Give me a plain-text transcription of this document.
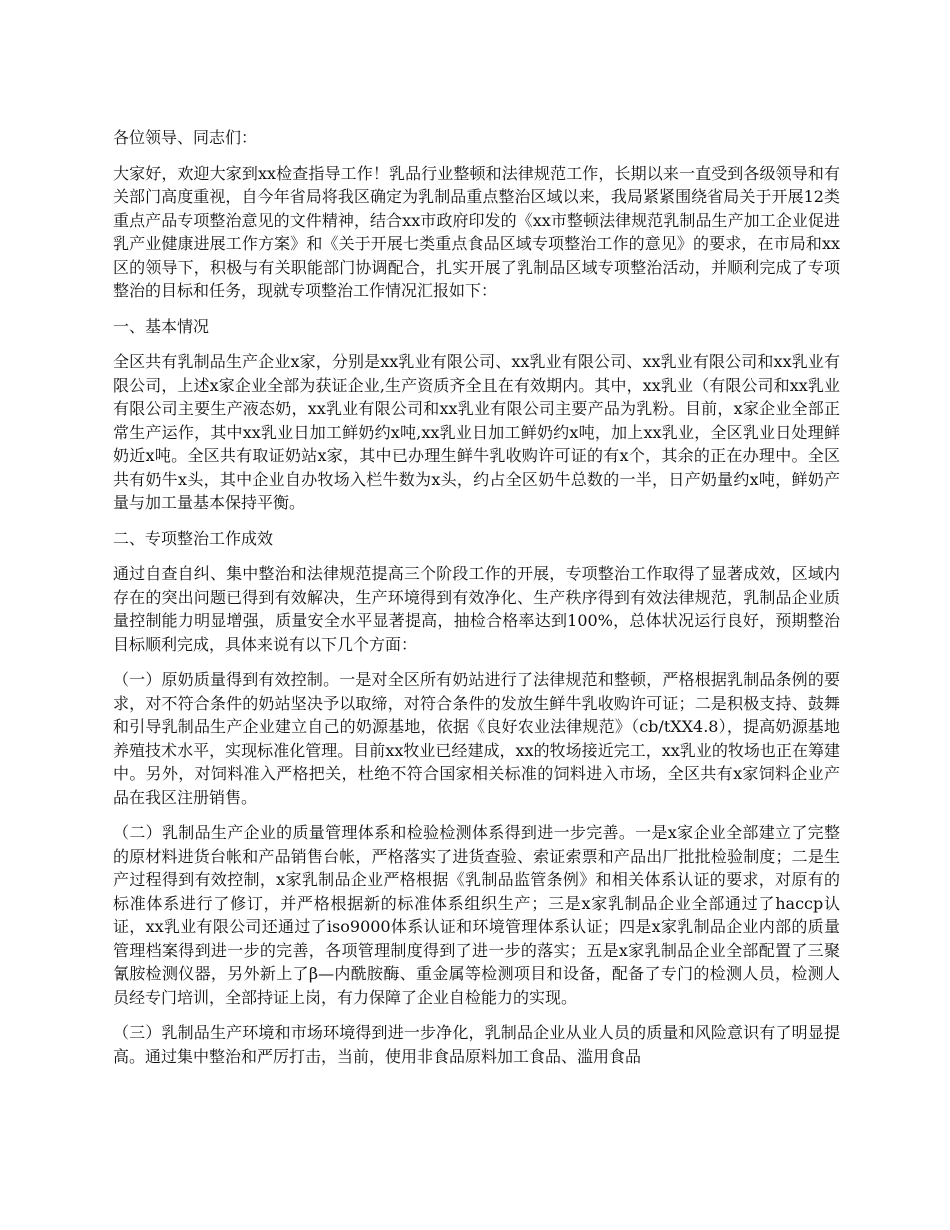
各位领导、同志们：

大家好，欢迎大家到xx检查指导工作！乳品行业整顿和法律规范工作，长期以来一直受到各级领导和有关部门高度重视，自今年省局将我区确定为乳制品重点整治区域以来，我局紧紧围绕省局关于开展12类重点产品专项整治意见的文件精神，结合xx市政府印发的《xx市整顿法律规范乳制品生产加工企业促进乳产业健康进展工作方案》和《关于开展七类重点食品区域专项整治工作的意见》的要求，在市局和xx区的领导下，积极与有关职能部门协调配合，扎实开展了乳制品区域专项整治活动，并顺利完成了专项整治的目标和任务，现就专项整治工作情况汇报如下：

一、基本情况

全区共有乳制品生产企业x家，分别是xx乳业有限公司、xx乳业有限公司、xx乳业有限公司和xx乳业有限公司，上述x家企业全部为获证企业,生产资质齐全且在有效期内。其中，xx乳业（有限公司和xx乳业有限公司主要生产液态奶，xx乳业有限公司和xx乳业有限公司主要产品为乳粉。目前，x家企业全部正常生产运作，其中xx乳业日加工鲜奶约x吨,xx乳业日加工鲜奶约x吨，加上xx乳业，全区乳业日处理鲜奶近x吨。全区共有取证奶站x家，其中已办理生鲜牛乳收购许可证的有x个，其余的正在办理中。全区共有奶牛x头，其中企业自办牧场入栏牛数为x头，约占全区奶牛总数的一半，日产奶量约x吨，鲜奶产量与加工量基本保持平衡。

二、专项整治工作成效

通过自查自纠、集中整治和法律规范提高三个阶段工作的开展，专项整治工作取得了显著成效，区域内存在的突出问题已得到有效解决，生产环境得到有效净化、生产秩序得到有效法律规范，乳制品企业质量控制能力明显增强，质量安全水平显著提高，抽检合格率达到100%，总体状况运行良好，预期整治目标顺利完成，具体来说有以下几个方面：

（一）原奶质量得到有效控制。一是对全区所有奶站进行了法律规范和整顿，严格根据乳制品条例的要求，对不符合条件的奶站坚决予以取缔，对符合条件的发放生鲜牛乳收购许可证；二是积极支持、鼓舞和引导乳制品生产企业建立自己的奶源基地，依据《良好农业法律规范》（cb/tXX4.8），提高奶源基地养殖技术水平，实现标准化管理。目前xx牧业已经建成，xx的牧场接近完工，xx乳业的牧场也正在筹建中。另外，对饲料准入严格把关，杜绝不符合国家相关标准的饲料进入市场，全区共有x家饲料企业产品在我区注册销售。

（二）乳制品生产企业的质量管理体系和检验检测体系得到进一步完善。一是x家企业全部建立了完整的原材料进货台帐和产品销售台帐，严格落实了进货查验、索证索票和产品出厂批批检验制度；二是生产过程得到有效控制，x家乳制品企业严格根据《乳制品监管条例》和相关体系认证的要求，对原有的标准体系进行了修订，并严格根据新的标准体系组织生产；三是x家乳制品企业全部通过了haccp认证，xx乳业有限公司还通过了iso9000体系认证和环境管理体系认证；四是x家乳制品企业内部的质量管理档案得到进一步的完善，各项管理制度得到了进一步的落实；五是x家乳制品企业全部配置了三聚氰胺检测仪器，另外新上了β—内酰胺酶、重金属等检测项目和设备，配备了专门的检测人员，检测人员经专门培训，全部持证上岗，有力保障了企业自检能力的实现。

（三）乳制品生产环境和市场环境得到进一步净化，乳制品企业从业人员的质量和风险意识有了明显提高。通过集中整治和严厉打击，当前，使用非食品原料加工食品、滥用食品
